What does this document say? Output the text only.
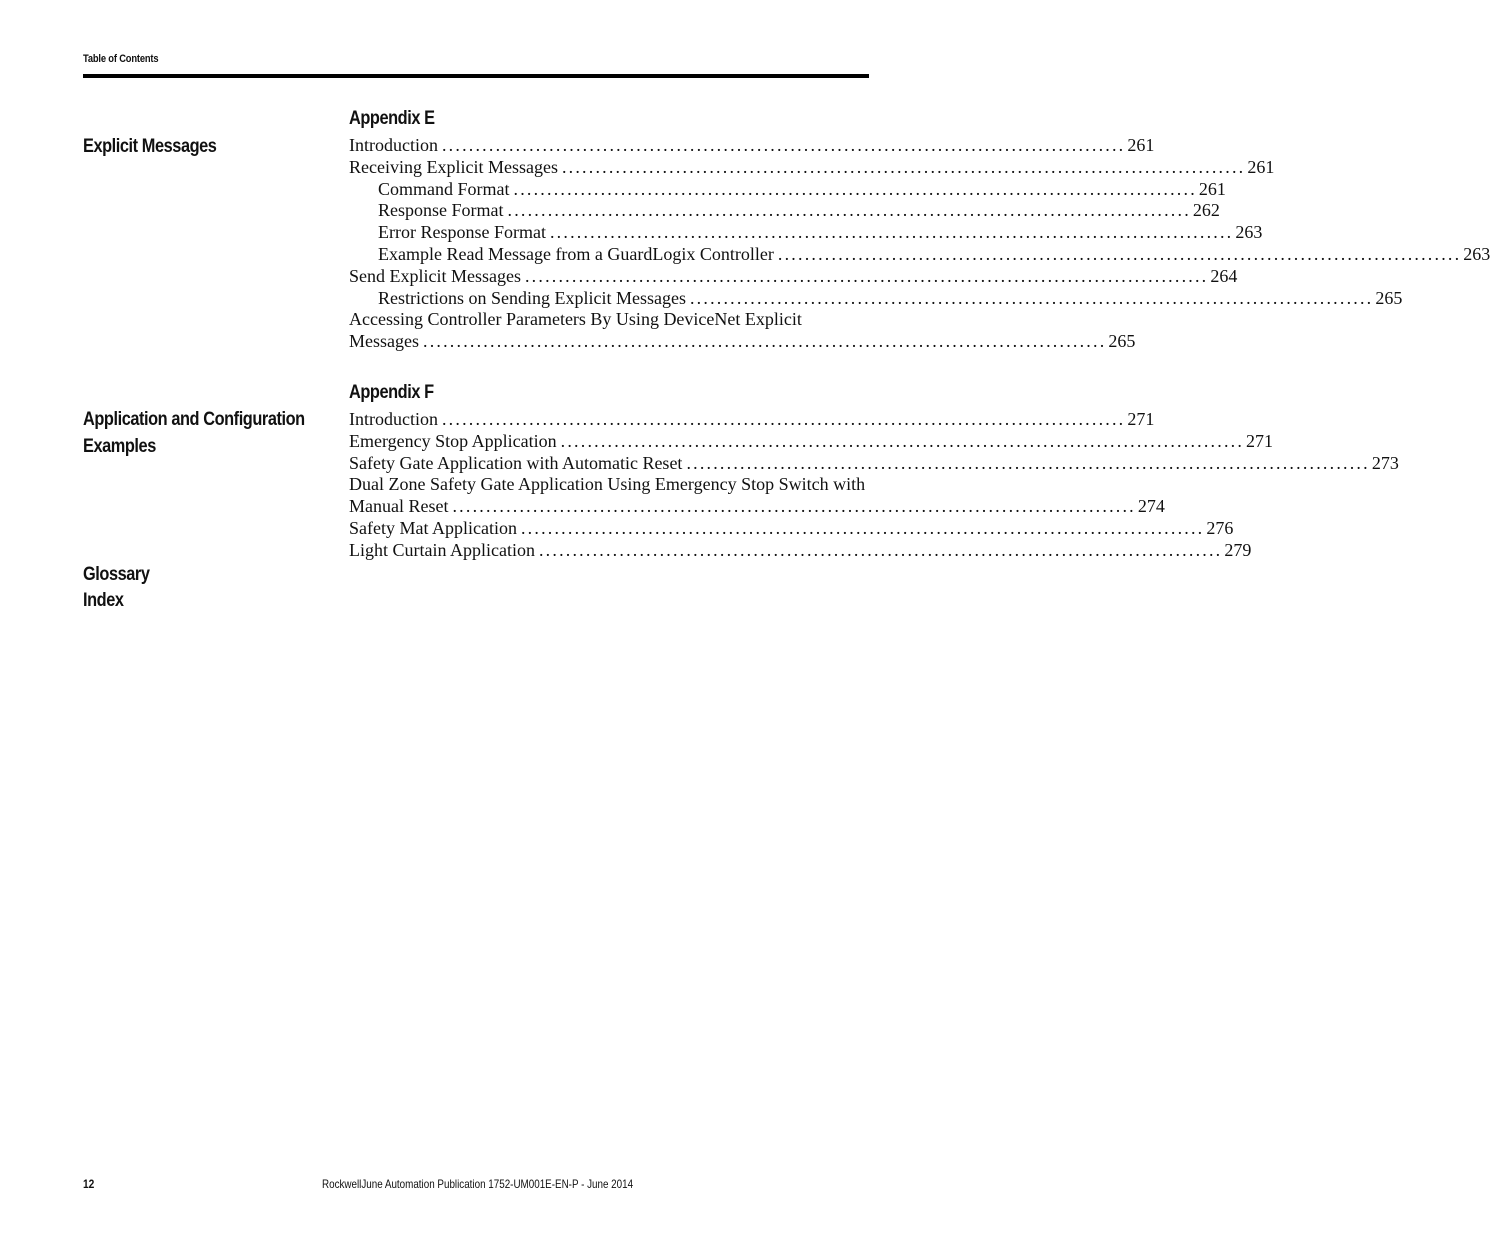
Table of Contents
Explicit Messages
Application and Configuration
Examples
Glossary
Index
Appendix E
Introduction ...................................................................................................... 261
Receiving Explicit Messages ...................................................................................................... 261
Command Format ...................................................................................................... 261
Response Format ...................................................................................................... 262
Error Response Format ...................................................................................................... 263
Example Read Message from a GuardLogix Controller ...................................................................................................... 263
Send Explicit Messages ...................................................................................................... 264
Restrictions on Sending Explicit Messages ...................................................................................................... 265
Accessing Controller Parameters By Using DeviceNet Explicit
Messages ...................................................................................................... 265
Appendix F
Introduction ...................................................................................................... 271
Emergency Stop Application ...................................................................................................... 271
Safety Gate Application with Automatic Reset ...................................................................................................... 273
Dual Zone Safety Gate Application Using Emergency Stop Switch with
Manual Reset ...................................................................................................... 274
Safety Mat Application ...................................................................................................... 276
Light Curtain Application ...................................................................................................... 279
12	RockwellJune Automation Publication 1752-UM001E-EN-P - June 2014
